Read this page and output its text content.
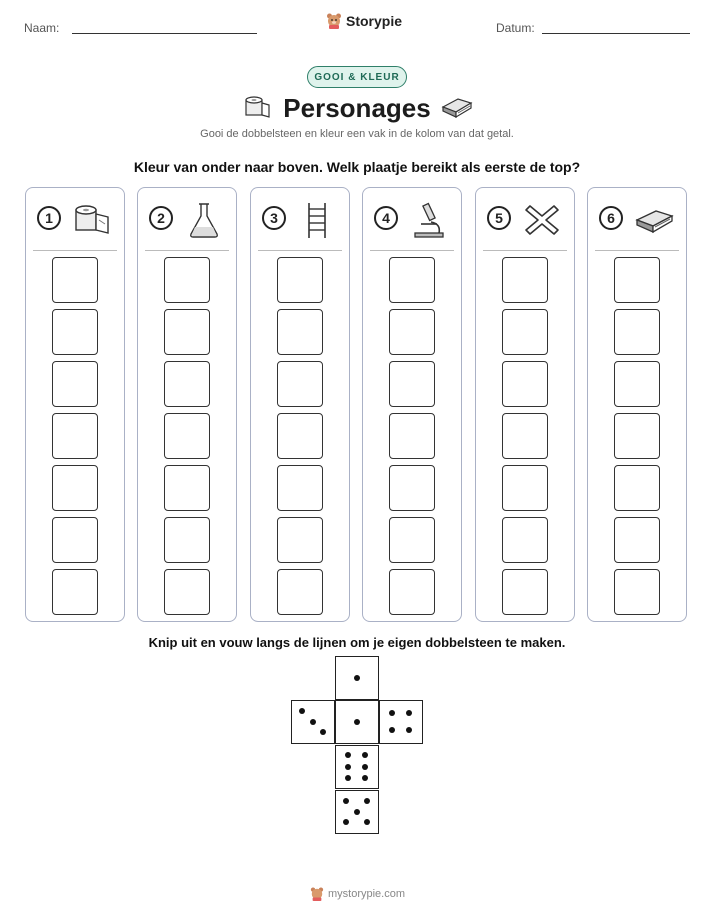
Naam:	Storypie	Datum:
GOOI & KLEUR
Personages
Gooi de dobbelsteen en kleur een vak in de kolom van dat getal.
Kleur van onder naar boven. Welk plaatje bereikt als eerste de top?
1	2	3	4	5	6
Knip uit en vouw langs de lijnen om je eigen dobbelsteen te maken.
mystorypie.com
